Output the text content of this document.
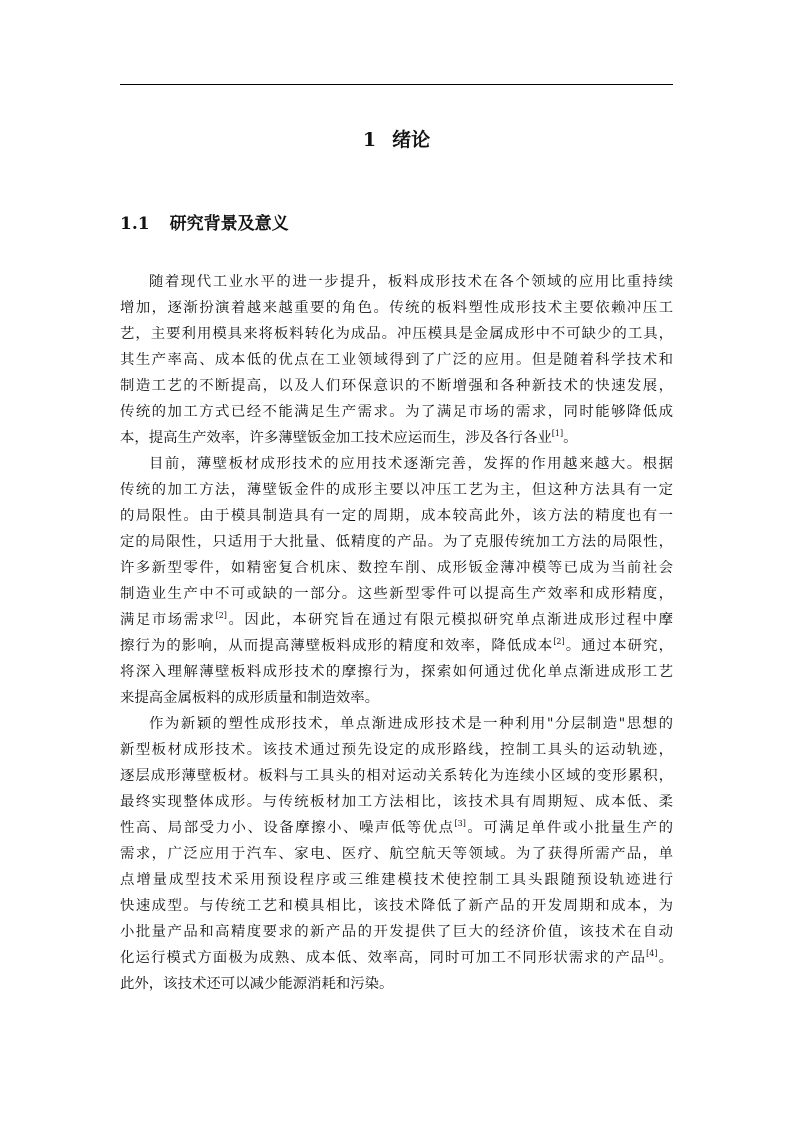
1 绪论
1.1 研究背景及意义
随着现代工业水平的进一步提升，板料成形技术在各个领域的应用比重持续
增加，逐渐扮演着越来越重要的角色。传统的板料塑性成形技术主要依赖冲压工
艺，主要利用模具来将板料转化为成品。冲压模具是金属成形中不可缺少的工具，
其生产率高、成本低的优点在工业领域得到了广泛的应用。但是随着科学技术和
制造工艺的不断提高，以及人们环保意识的不断增强和各种新技术的快速发展，
传统的加工方式已经不能满足生产需求。为了满足市场的需求，同时能够降低成
本，提高生产效率，许多薄壁钣金加工技术应运而生，涉及各行各业[1]。
目前，薄壁板材成形技术的应用技术逐渐完善，发挥的作用越来越大。根据
传统的加工方法，薄壁钣金件的成形主要以冲压工艺为主，但这种方法具有一定
的局限性。由于模具制造具有一定的周期，成本较高此外，该方法的精度也有一
定的局限性，只适用于大批量、低精度的产品。为了克服传统加工方法的局限性，
许多新型零件，如精密复合机床、数控车削、成形钣金薄冲模等已成为当前社会
制造业生产中不可或缺的一部分。这些新型零件可以提高生产效率和成形精度，
满足市场需求[2]。因此，本研究旨在通过有限元模拟研究单点渐进成形过程中摩
擦行为的影响，从而提高薄壁板料成形的精度和效率，降低成本[2]。通过本研究，
将深入理解薄壁板料成形技术的摩擦行为，探索如何通过优化单点渐进成形工艺
来提高金属板料的成形质量和制造效率。
作为新颖的塑性成形技术，单点渐进成形技术是一种利用"分层制造"思想的
新型板材成形技术。该技术通过预先设定的成形路线，控制工具头的运动轨迹，
逐层成形薄壁板材。板料与工具头的相对运动关系转化为连续小区域的变形累积，
最终实现整体成形。与传统板材加工方法相比，该技术具有周期短、成本低、柔
性高、局部受力小、设备摩擦小、噪声低等优点[3]。可满足单件或小批量生产的
需求，广泛应用于汽车、家电、医疗、航空航天等领域。为了获得所需产品，单
点增量成型技术采用预设程序或三维建模技术使控制工具头跟随预设轨迹进行
快速成型。与传统工艺和模具相比，该技术降低了新产品的开发周期和成本，为
小批量产品和高精度要求的新产品的开发提供了巨大的经济价值，该技术在自动
化运行模式方面极为成熟、成本低、效率高，同时可加工不同形状需求的产品[4]。
此外，该技术还可以减少能源消耗和污染。
